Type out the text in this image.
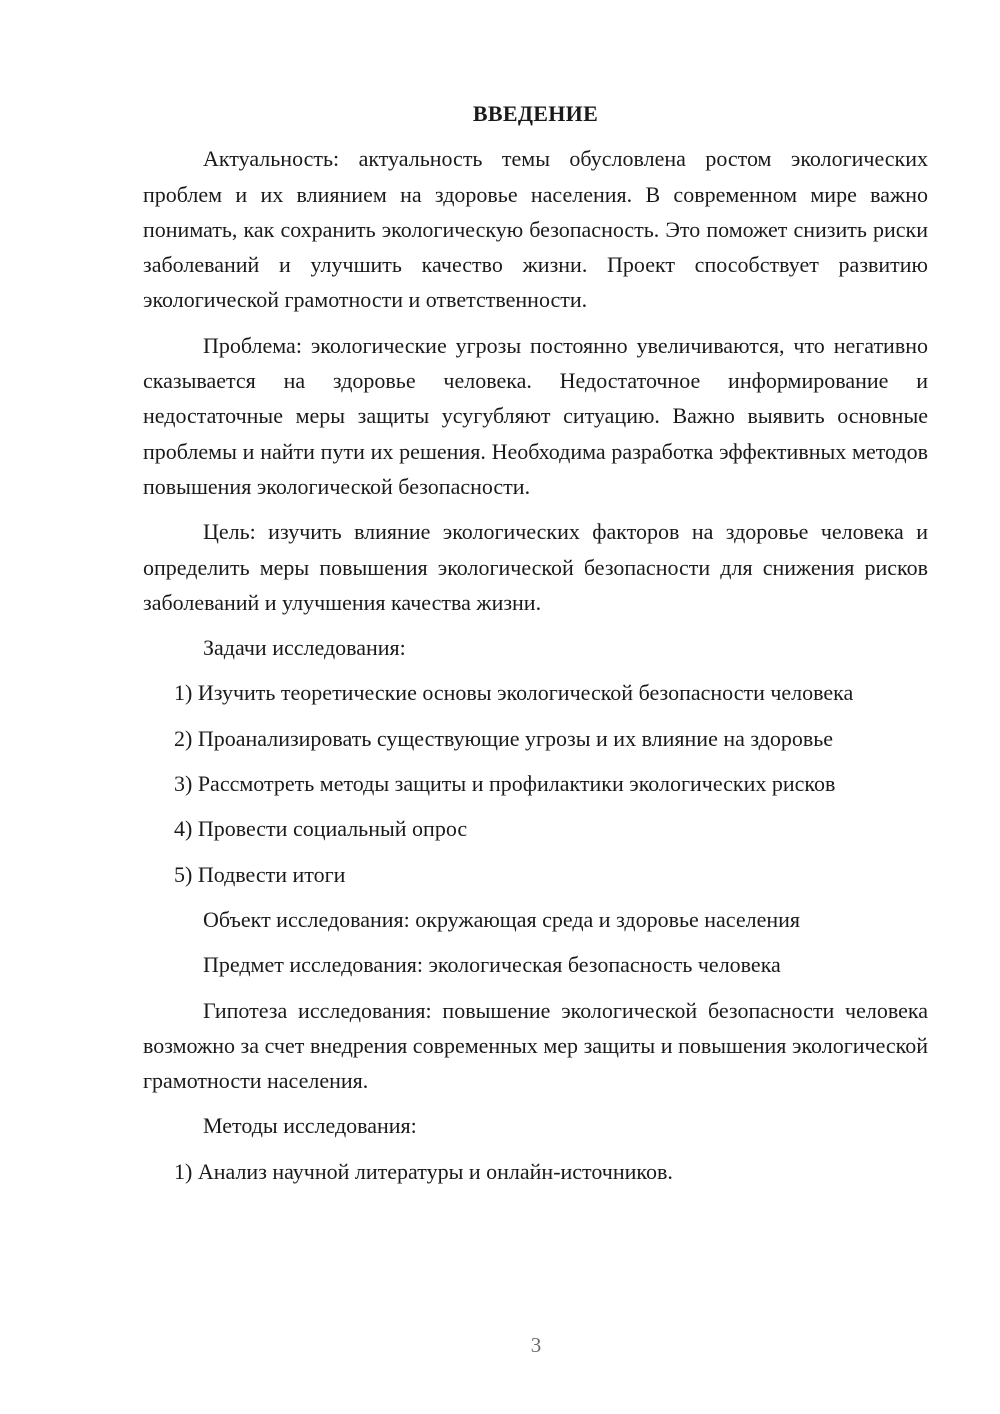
ВВЕДЕНИЕ

Актуальность: актуальность темы обусловлена ростом экологических проблем и их влиянием на здоровье населения. В современном мире важно понимать, как сохранить экологическую безопасность. Это поможет снизить риски заболеваний и улучшить качество жизни. Проект способствует развитию экологической грамотности и ответственности.

Проблема: экологические угрозы постоянно увеличиваются, что негативно сказывается на здоровье человека. Недостаточное информирование и недостаточные меры защиты усугубляют ситуацию. Важно выявить основные проблемы и найти пути их решения. Необходима разработка эффективных методов повышения экологической безопасности.

Цель: изучить влияние экологических факторов на здоровье человека и определить меры повышения экологической безопасности для снижения рисков заболеваний и улучшения качества жизни.

Задачи исследования:

1) Изучить теоретические основы экологической безопасности человека

2) Проанализировать существующие угрозы и их влияние на здоровье

3) Рассмотреть методы защиты и профилактики экологических рисков

4) Провести социальный опрос

5) Подвести итоги

Объект исследования: окружающая среда и здоровье населения

Предмет исследования: экологическая безопасность человека

Гипотеза исследования: повышение экологической безопасности человека возможно за счет внедрения современных мер защиты и повышения экологической грамотности населения.

Методы исследования:

1) Анализ научной литературы и онлайн-источников.

3
